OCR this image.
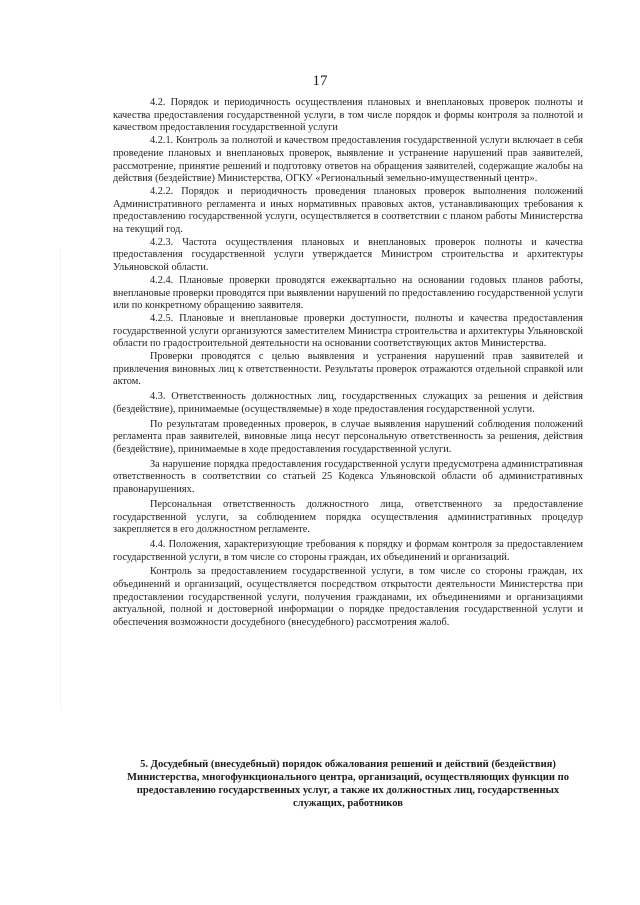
17

4.2. Порядок и периодичность осуществления плановых и внеплановых проверок полноты и качества предоставления государственной услуги, в том числе порядок и формы контроля за полнотой и качеством предоставления государственной услуги

4.2.1. Контроль за полнотой и качеством предоставления государственной услуги включает в себя проведение плановых и внеплановых проверок, выявление и устранение нарушений прав заявителей, рассмотрение, принятие решений и подготовку ответов на обращения заявителей, содержащие жалобы на действия (бездействие) Министерства, ОГКУ «Региональный земельно-имущественный центр».

4.2.2. Порядок и периодичность проведения плановых проверок выполнения положений Административного регламента и иных нормативных правовых актов, устанавливающих требования к предоставлению государственной услуги, осуществляется в соответствии с планом работы Министерства на текущий год.

4.2.3. Частота осуществления плановых и внеплановых проверок полноты и качества предоставления государственной услуги утверждается Министром строительства и архитектуры Ульяновской области.

4.2.4. Плановые проверки проводятся ежеквартально на основании годовых планов работы, внеплановые проверки проводятся при выявлении нарушений по предоставлению государственной услуги или по конкретному обращению заявителя.

4.2.5. Плановые и внеплановые проверки доступности, полноты и качества предоставления государственной услуги организуются заместителем Министра строительства и архитектуры Ульяновской области по градостроительной деятельности на основании соответствующих актов Министерства.

Проверки проводятся с целью выявления и устранения нарушений прав заявителей и привлечения виновных лиц к ответственности. Результаты проверок отражаются отдельной справкой или актом.

4.3. Ответственность должностных лиц, государственных служащих за решения и действия (бездействие), принимаемые (осуществляемые) в ходе предоставления государственной услуги.

По результатам проведенных проверок, в случае выявления нарушений соблюдения положений регламента прав заявителей, виновные лица несут персональную ответственность за решения, действия (бездействие), принимаемые в ходе предоставления государственной услуги.

За нарушение порядка предоставления государственной услуги предусмотрена административная ответственность в соответствии со статьей 25 Кодекса Ульяновской области об административных правонарушениях.

Персональная ответственность должностного лица, ответственного за предоставление государственной услуги, за соблюдением порядка осуществления административных процедур закрепляется в его должностном регламенте.

4.4. Положения, характеризующие требования к порядку и формам контроля за предоставлением государственной услуги, в том числе со стороны граждан, их объединений и организаций.

Контроль за предоставлением государственной услуги, в том числе со стороны граждан, их объединений и организаций, осуществляется посредством открытости деятельности Министерства при предоставлении государственной услуги, получения гражданами, их объединениями и организациями актуальной, полной и достоверной информации о порядке предоставления государственной услуги и обеспечения возможности досудебного (внесудебного) рассмотрения жалоб.

5. Досудебный (внесудебный) порядок обжалования решений и действий (бездействия) Министерства, многофункционального центра, организаций, осуществляющих функции по предоставлению государственных услуг, а также их должностных лиц, государственных служащих, работников
